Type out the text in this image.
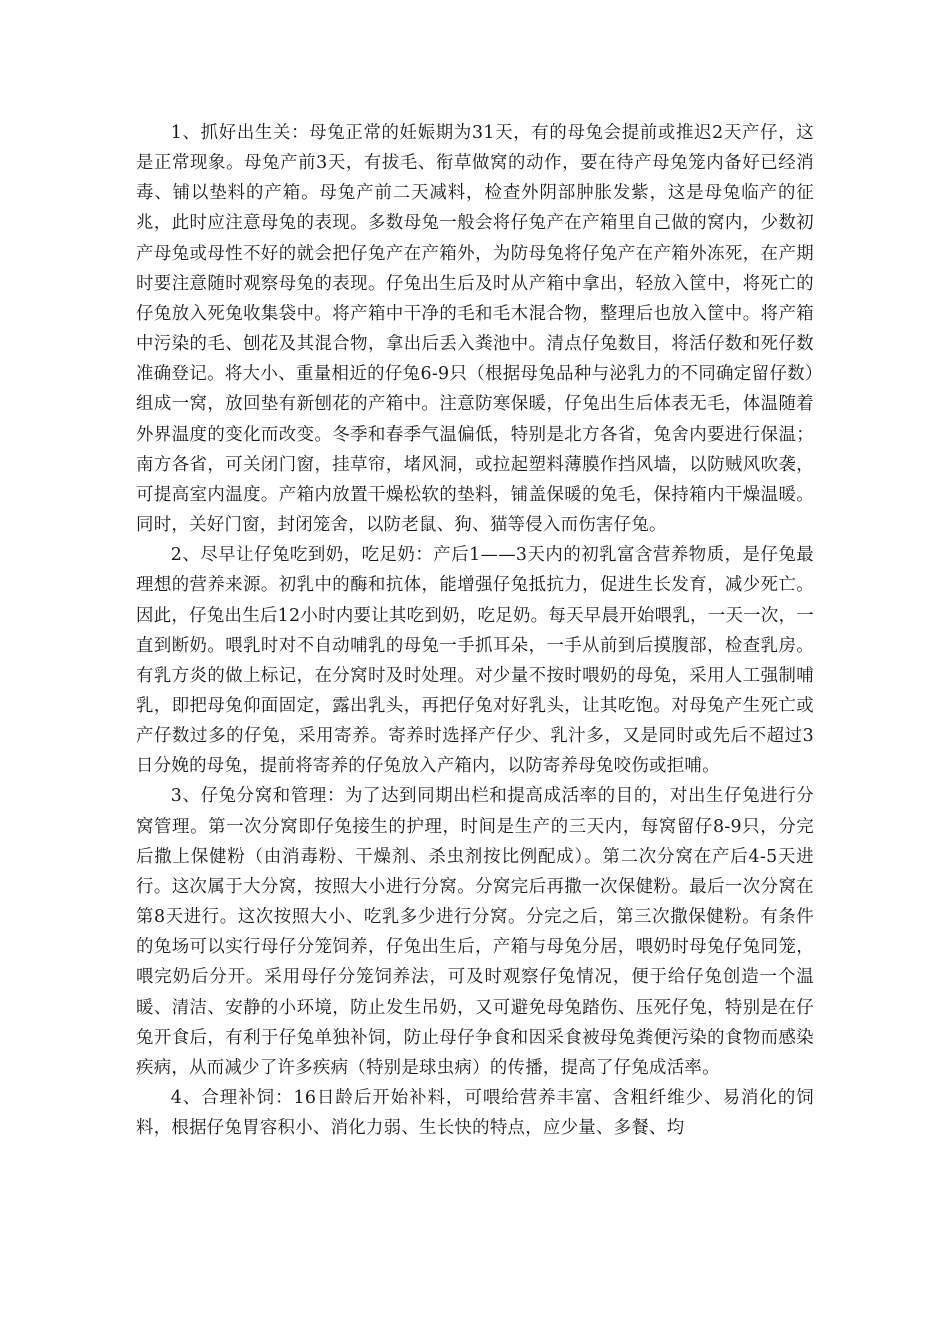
1、抓好出生关：母兔正常的妊娠期为31天，有的母兔会提前或推迟2天产仔，这是正常现象。母兔产前3天，有拔毛、衔草做窝的动作，要在待产母兔笼内备好已经消毒、铺以垫料的产箱。母兔产前二天减料，检查外阴部肿胀发紫，这是母兔临产的征兆，此时应注意母兔的表现。多数母兔一般会将仔兔产在产箱里自己做的窝内，少数初产母兔或母性不好的就会把仔兔产在产箱外，为防母兔将仔兔产在产箱外冻死，在产期时要注意随时观察母兔的表现。仔兔出生后及时从产箱中拿出，轻放入筐中，将死亡的仔兔放入死兔收集袋中。将产箱中干净的毛和毛木混合物，整理后也放入筐中。将产箱中污染的毛、刨花及其混合物，拿出后丢入粪池中。清点仔兔数目，将活仔数和死仔数准确登记。将大小、重量相近的仔兔6-9只（根据母兔品种与泌乳力的不同确定留仔数）组成一窝，放回垫有新刨花的产箱中。注意防寒保暖，仔兔出生后体表无毛，体温随着外界温度的变化而改变。冬季和春季气温偏低，特别是北方各省，兔舍内要进行保温；南方各省，可关闭门窗，挂草帘，堵风洞，或拉起塑料薄膜作挡风墙，以防贼风吹袭，可提高室内温度。产箱内放置干燥松软的垫料，铺盖保暖的兔毛，保持箱内干燥温暖。 同时，关好门窗，封闭笼舍，以防老鼠、狗、猫等侵入而伤害仔兔。

2、尽早让仔兔吃到奶，吃足奶：产后1——3天内的初乳富含营养物质，是仔兔最理想的营养来源。初乳中的酶和抗体，能增强仔兔抵抗力，促进生长发育，减少死亡。因此，仔兔出生后12小时内要让其吃到奶，吃足奶。每天早晨开始喂乳，一天一次，一直到断奶。喂乳时对不自动哺乳的母兔一手抓耳朵，一手从前到后摸腹部，检查乳房。有乳方炎的做上标记，在分窝时及时处理。对少量不按时喂奶的母兔，采用人工强制哺乳，即把母兔仰面固定，露出乳头，再把仔兔对好乳头，让其吃饱。对母兔产生死亡或产仔数过多的仔兔，采用寄养。寄养时选择产仔少、乳汁多，又是同时或先后不超过3日分娩的母兔，提前将寄养的仔兔放入产箱内，以防寄养母兔咬伤或拒哺。

3、仔兔分窝和管理：为了达到同期出栏和提高成活率的目的，对出生仔兔进行分窝管理。第一次分窝即仔兔接生的护理，时间是生产的三天内，每窝留仔8-9只，分完后撒上保健粉（由消毒粉、干燥剂、杀虫剂按比例配成）。第二次分窝在产后4-5天进行。这次属于大分窝，按照大小进行分窝。分窝完后再撒一次保健粉。最后一次分窝在第8天进行。这次按照大小、吃乳多少进行分窝。分完之后，第三次撒保健粉。有条件的兔场可以实行母仔分笼饲养，仔兔出生后，产箱与母兔分居，喂奶时母兔仔兔同笼，喂完奶后分开。采用母仔分笼饲养法，可及时观察仔兔情况，便于给仔兔创造一个温暖、清洁、安静的小环境，防止发生吊奶，又可避免母兔踏伤、压死仔兔，特别是在仔兔开食后，有利于仔兔单独补饲，防止母仔争食和因采食被母兔粪便污染的食物而感染疾病，从而减少了许多疾病（特别是球虫病）的传播，提高了仔兔成活率。

4、合理补饲：16日龄后开始补料，可喂给营养丰富、含粗纤维少、易消化的饲料，根据仔兔胃容积小、消化力弱、生长快的特点，应少量、多餐、均
